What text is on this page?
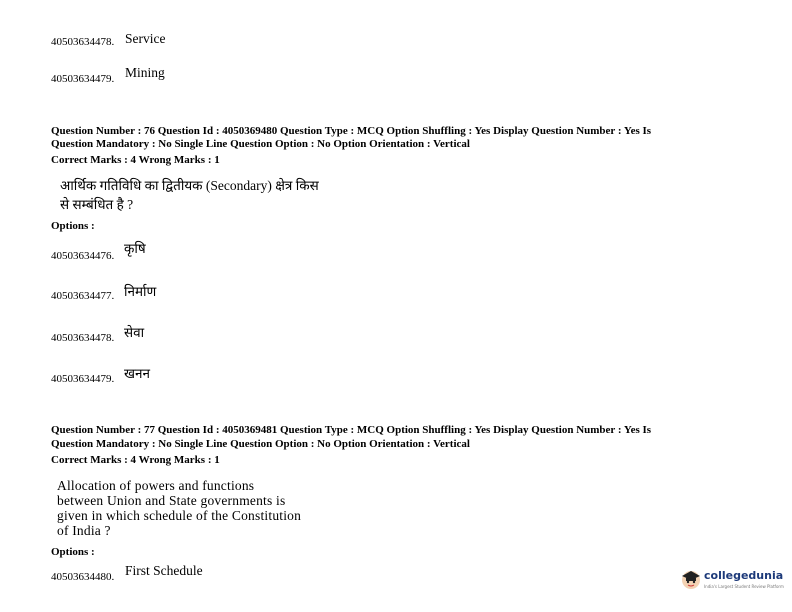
40503634478. Service
40503634479. Mining
Question Number : 76 Question Id : 4050369480 Question Type : MCQ Option Shuffling : Yes Display Question Number : Yes Is
Question Mandatory : No Single Line Question Option : No Option Orientation : Vertical
Correct Marks : 4 Wrong Marks : 1
आर्थिक गतिविधि का द्वितीयक (Secondary) क्षेत्र किस
से सम्बंधित है ?
Options :
40503634476. कृषि
40503634477. निर्माण
40503634478. सेवा
40503634479. खनन
Question Number : 77 Question Id : 4050369481 Question Type : MCQ Option Shuffling : Yes Display Question Number : Yes Is
Question Mandatory : No Single Line Question Option : No Option Orientation : Vertical
Correct Marks : 4 Wrong Marks : 1
Allocation of powers and functions
between Union and State governments is
given in which schedule of the Constitution
of India ?
Options :
40503634480. First Schedule	collegedunia
India's Largest Student Review Platform
